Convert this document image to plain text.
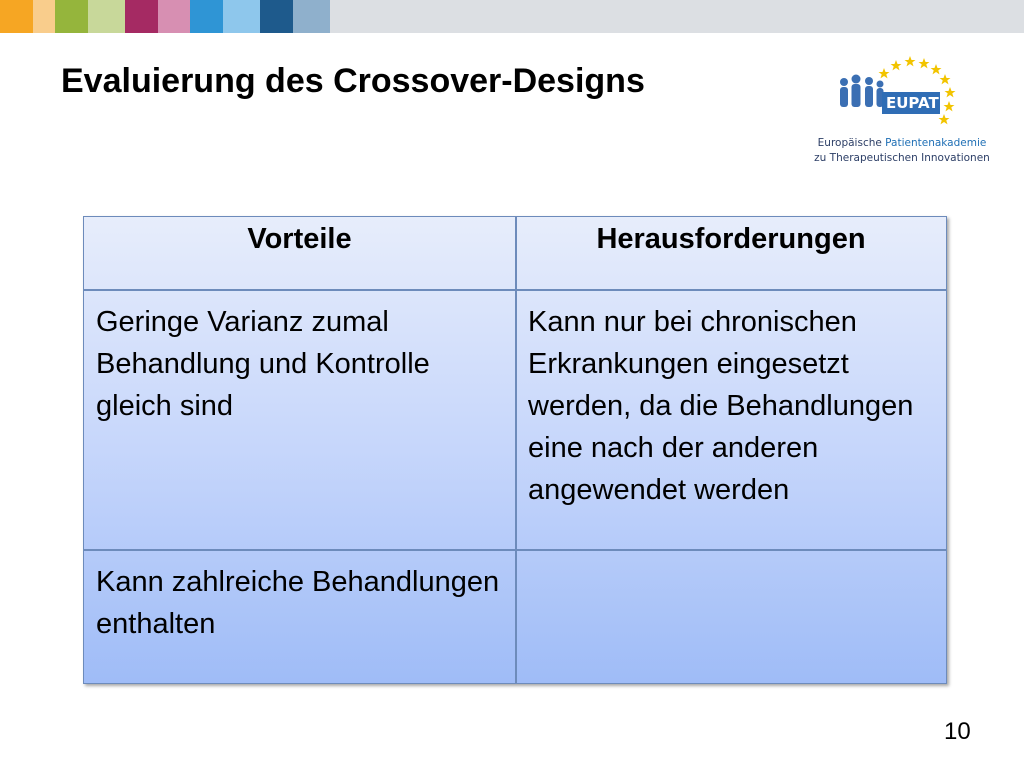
Evaluierung des Crossover-Designs
EUPATI
Europäische Patientenakademie
zu Therapeutischen Innovationen
Vorteile	Herausforderungen
Geringe Varianz zumal Behandlung und Kontrolle gleich sind
Kann nur bei chronischen Erkrankungen eingesetzt werden, da die Behandlungen eine nach der anderen angewendet werden
Kann zahlreiche Behandlungen enthalten
10
